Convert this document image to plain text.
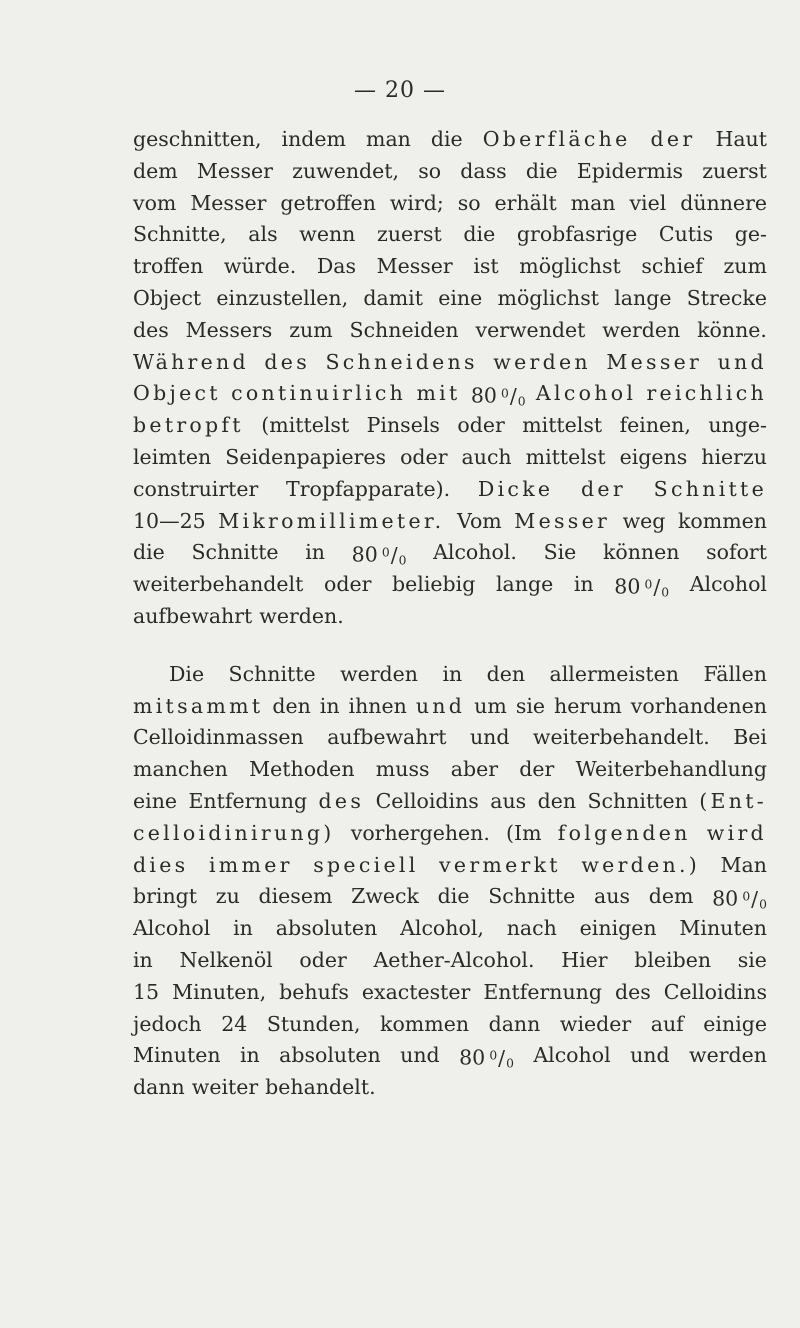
— 20 —
geschnitten, indem man die Oberfläche der Haut
dem Messer zuwendet, so dass die Epidermis zuerst
vom Messer getroffen wird; so erhält man viel dünnere
Schnitte, als wenn zuerst die grobfasrige Cutis ge-
troffen würde. Das Messer ist möglichst schief zum
Object einzustellen, damit eine möglichst lange Strecke
des Messers zum Schneiden verwendet werden könne.
Während des Schneidens werden Messer und
Object continuirlich mit 80  $^0$/0 Alcohol reichlich
betropft (mittelst Pinsels oder mittelst feinen, unge-
leimten Seidenpapieres oder auch mittelst eigens hierzu
construirter Tropfapparate). Dicke der Schnitte
10—25 Mikromillimeter. Vom Messer weg kommen
die Schnitte in 80  $^0$/0 Alcohol. Sie können sofort
weiterbehandelt oder beliebig lange in 80  $^0$/0 Alcohol
aufbewahrt werden.
Die Schnitte werden in den allermeisten Fällen
mitsammt den in ihnen und um sie herum vorhandenen
Celloidinmassen aufbewahrt und weiterbehandelt. Bei
manchen Methoden muss aber der Weiterbehandlung
eine Entfernung des Celloidins aus den Schnitten (Ent-
celloidinirung) vorhergehen. (Im folgenden wird
dies immer speciell vermerkt werden.) Man
bringt zu diesem Zweck die Schnitte aus dem 80  $^0$/0
Alcohol in absoluten Alcohol, nach einigen Minuten
in Nelkenöl oder Aether-Alcohol. Hier bleiben sie
15 Minuten, behufs exactester Entfernung des Celloidins
jedoch 24 Stunden, kommen dann wieder auf einige
Minuten in absoluten und 80  $^0$/0 Alcohol und werden
dann weiter behandelt.
